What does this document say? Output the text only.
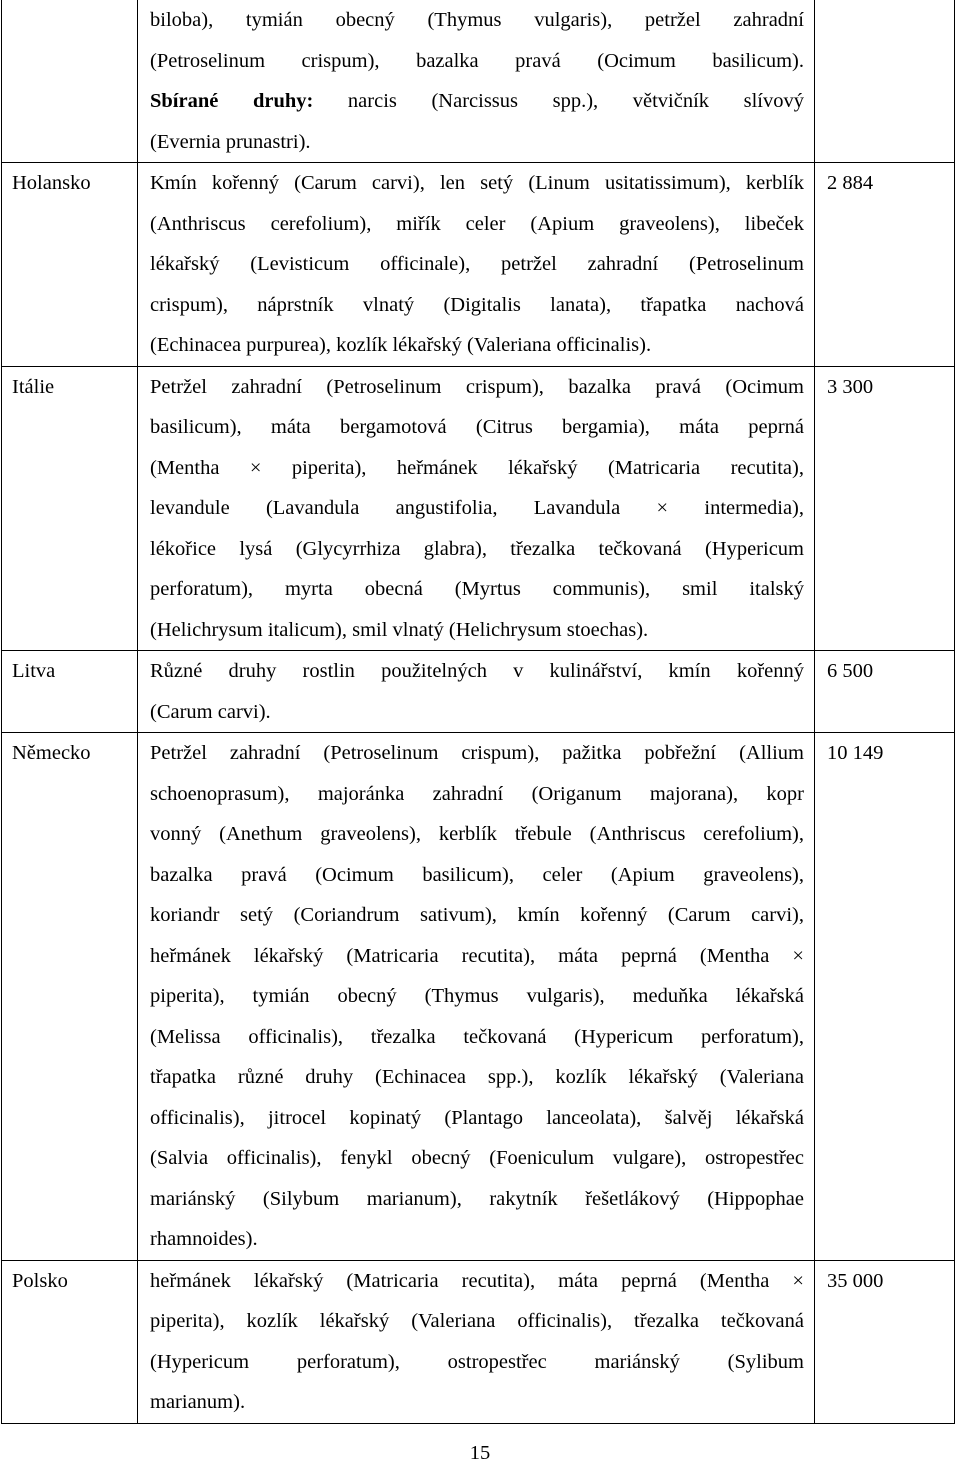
biloba), tymián obecný (Thymus vulgaris), petržel zahradní
(Petroselinum crispum), bazalka pravá (Ocimum basilicum).
Sbírané druhy: narcis (Narcissus spp.), větvičník slívový
(Evernia prunastri).
Holansko	Kmín kořenný (Carum carvi), len setý (Linum usitatissimum), kerblík
(Anthriscus cerefolium), miřík celer (Apium graveolens), libeček
lékařský (Levisticum officinale), petržel zahradní (Petroselinum
crispum), náprstník vlnatý (Digitalis lanata), třapatka nachová
(Echinacea purpurea), kozlík lékařský (Valeriana officinalis).
2 884
Itálie	Petržel zahradní (Petroselinum crispum), bazalka pravá (Ocimum
basilicum), máta bergamotová (Citrus bergamia), máta peprná
(Mentha × piperita), heřmánek lékařský (Matricaria recutita),
levandule (Lavandula angustifolia, Lavandula × intermedia),
lékořice lysá (Glycyrrhiza glabra), třezalka tečkovaná (Hypericum
perforatum), myrta obecná (Myrtus communis), smil italský
(Helichrysum italicum), smil vlnatý (Helichrysum stoechas).
3 300
Litva	Různé druhy rostlin použitelných v kulinářství, kmín kořenný
(Carum carvi).
6 500
Německo	Petržel zahradní (Petroselinum crispum), pažitka pobřežní (Allium
schoenoprasum), majoránka zahradní (Origanum majorana), kopr
vonný (Anethum graveolens), kerblík třebule (Anthriscus cerefolium),
bazalka pravá (Ocimum basilicum), celer (Apium graveolens),
koriandr setý (Coriandrum sativum), kmín kořenný (Carum carvi),
heřmánek lékařský (Matricaria recutita), máta peprná (Mentha ×
piperita), tymián obecný (Thymus vulgaris), meduňka lékařská
(Melissa officinalis), třezalka tečkovaná (Hypericum perforatum),
třapatka různé druhy (Echinacea spp.), kozlík lékařský (Valeriana
officinalis), jitrocel kopinatý (Plantago lanceolata), šalvěj lékařská
(Salvia officinalis), fenykl obecný (Foeniculum vulgare), ostropestřec
mariánský (Silybum marianum), rakytník řešetlákový (Hippophae
rhamnoides).
10 149
Polsko	heřmánek lékařský (Matricaria recutita), máta peprná (Mentha ×
piperita), kozlík lékařský (Valeriana officinalis), třezalka tečkovaná
(Hypericum perforatum), ostropestřec mariánský (Sylibum
marianum).
35 000
15
